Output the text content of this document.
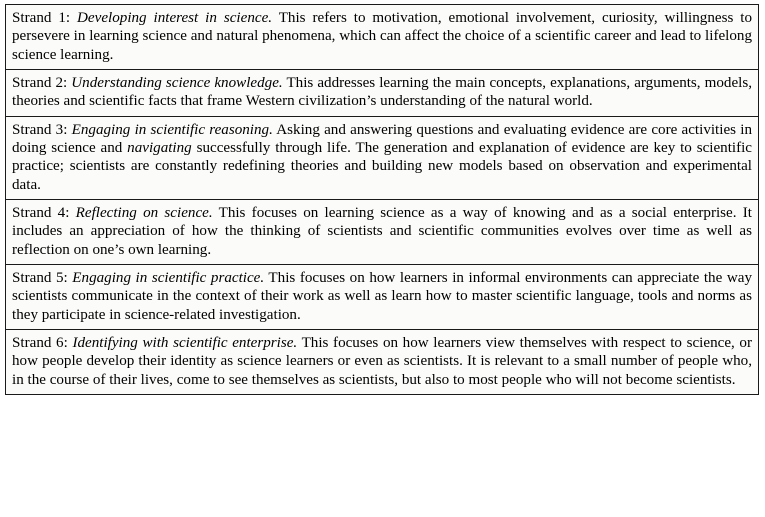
Strand 1: Developing interest in science. This refers to motivation, emotional involvement, curiosity, willingness to persevere in learning science and natural phenomena, which can affect the choice of a scientific career and lead to lifelong science learning.
Strand 2: Understanding science knowledge. This addresses learning the main concepts, explanations, arguments, models, theories and scientific facts that frame Western civilization’s understanding of the natural world.
Strand 3: Engaging in scientific reasoning. Asking and answering questions and evaluating evidence are core activities in doing science and navigating successfully through life. The generation and explanation of evidence are key to scientific practice; scientists are constantly redefining theories and building new models based on observation and experimental data.
Strand 4: Reflecting on science. This focuses on learning science as a way of knowing and as a social enterprise. It includes an appreciation of how the thinking of scientists and scientific communities evolves over time as well as reflection on one’s own learning.
Strand 5: Engaging in scientific practice. This focuses on how learners in informal environments can appreciate the way scientists communicate in the context of their work as well as learn how to master scientific language, tools and norms as they participate in science-related investigation.
Strand 6: Identifying with scientific enterprise. This focuses on how learners view themselves with respect to science, or how people develop their identity as science learners or even as scientists. It is relevant to a small number of people who, in the course of their lives, come to see themselves as scientists, but also to most people who will not become scientists.
